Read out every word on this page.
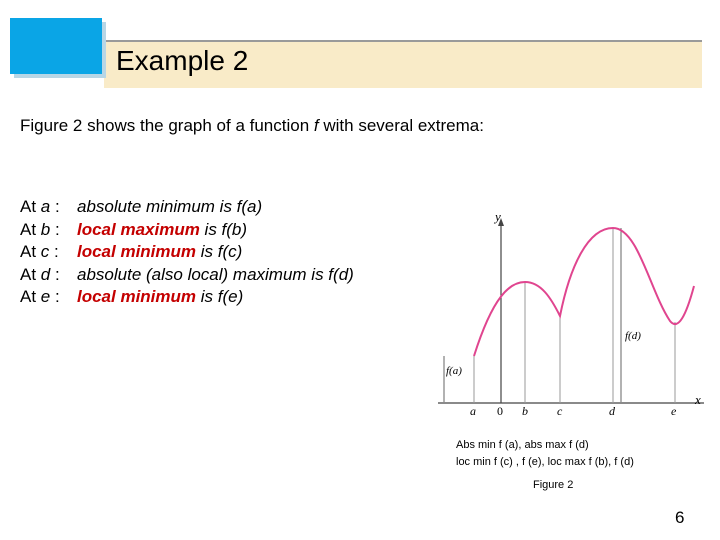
Example 2
Figure 2 shows the graph of a function f with several extrema:
At a : absolute minimum is f(a)
At b : local maximum is f(b)
At c : local minimum is f(c)
At d : absolute (also local) maximum is f(d)
At e : local minimum is f(e)
y
x
f(a)
f(d)
a 0 b c	d	e
Abs min f (a), abs max f (d)
loc min f (c) , f (e), loc max f (b), f (d)
Figure 2
6
